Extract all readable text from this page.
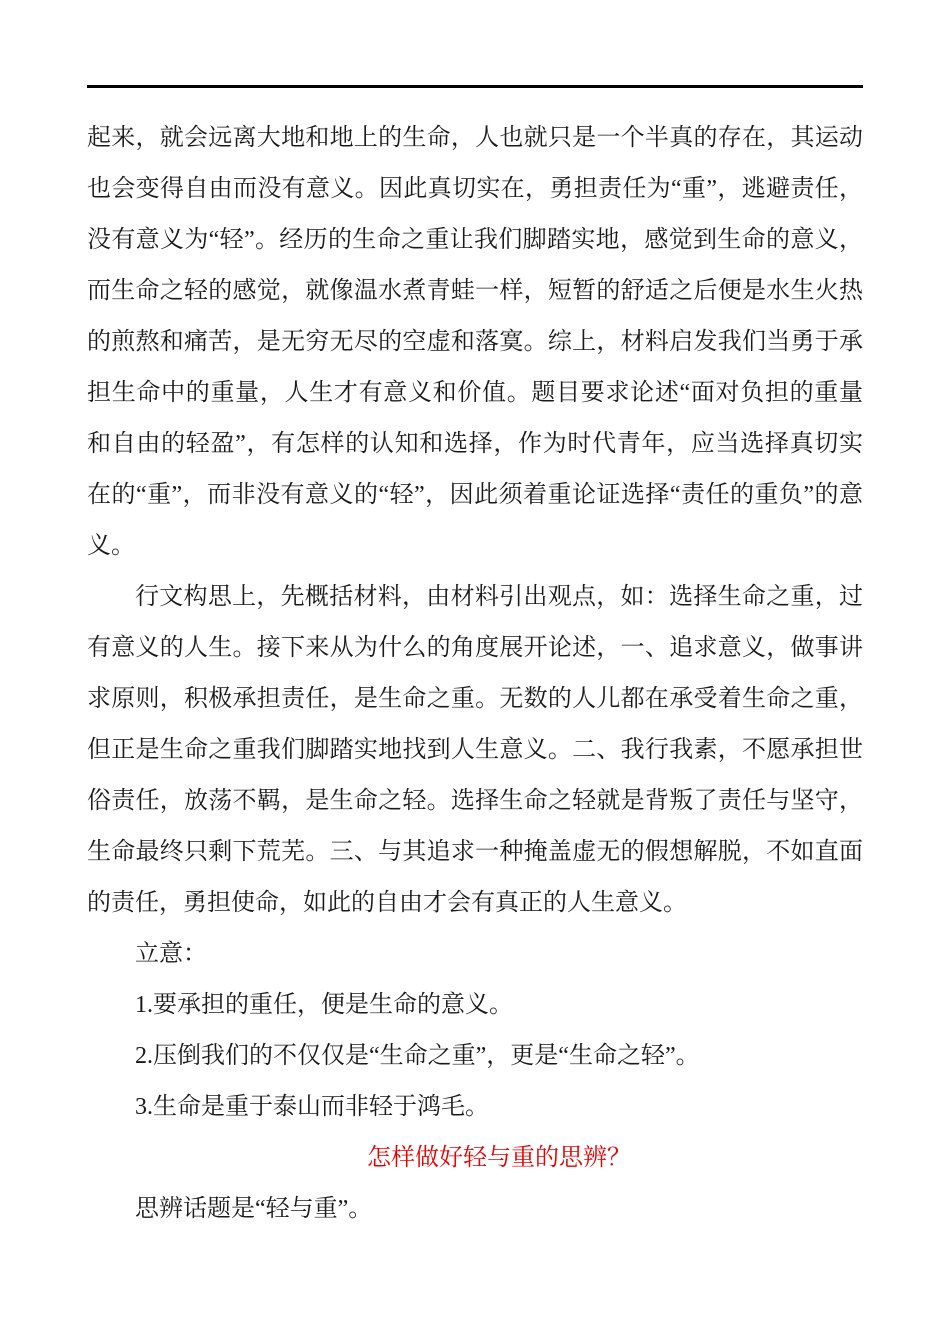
起来，就会远离大地和地上的生命，人也就只是一个半真的存在，其运动也会变得自由而没有意义。因此真切实在，勇担责任为“重”，逃避责任，没有意义为“轻”。经历的生命之重让我们脚踏实地，感觉到生命的意义，而生命之轻的感觉，就像温水煮青蛙一样，短暂的舒适之后便是水生火热的煎熬和痛苦，是无穷无尽的空虚和落寞。综上，材料启发我们当勇于承担生命中的重量，人生才有意义和价值。题目要求论述“面对负担的重量和自由的轻盈”，有怎样的认知和选择，作为时代青年，应当选择真切实在的“重”，而非没有意义的“轻”，因此须着重论证选择“责任的重负”的意义。
行文构思上，先概括材料，由材料引出观点，如：选择生命之重，过有意义的人生。接下来从为什么的角度展开论述，一、追求意义，做事讲求原则，积极承担责任，是生命之重。无数的人儿都在承受着生命之重，但正是生命之重我们脚踏实地找到人生意义。二、我行我素，不愿承担世俗责任，放荡不羁，是生命之轻。选择生命之轻就是背叛了责任与坚守，生命最终只剩下荒芜。三、与其追求一种掩盖虚无的假想解脱，不如直面的责任，勇担使命，如此的自由才会有真正的人生意义。
立意：
1.要承担的重任，便是生命的意义。
2.压倒我们的不仅仅是“生命之重”，更是“生命之轻”。
3.生命是重于泰山而非轻于鸿毛。
怎样做好轻与重的思辨？
思辨话题是“轻与重”。
